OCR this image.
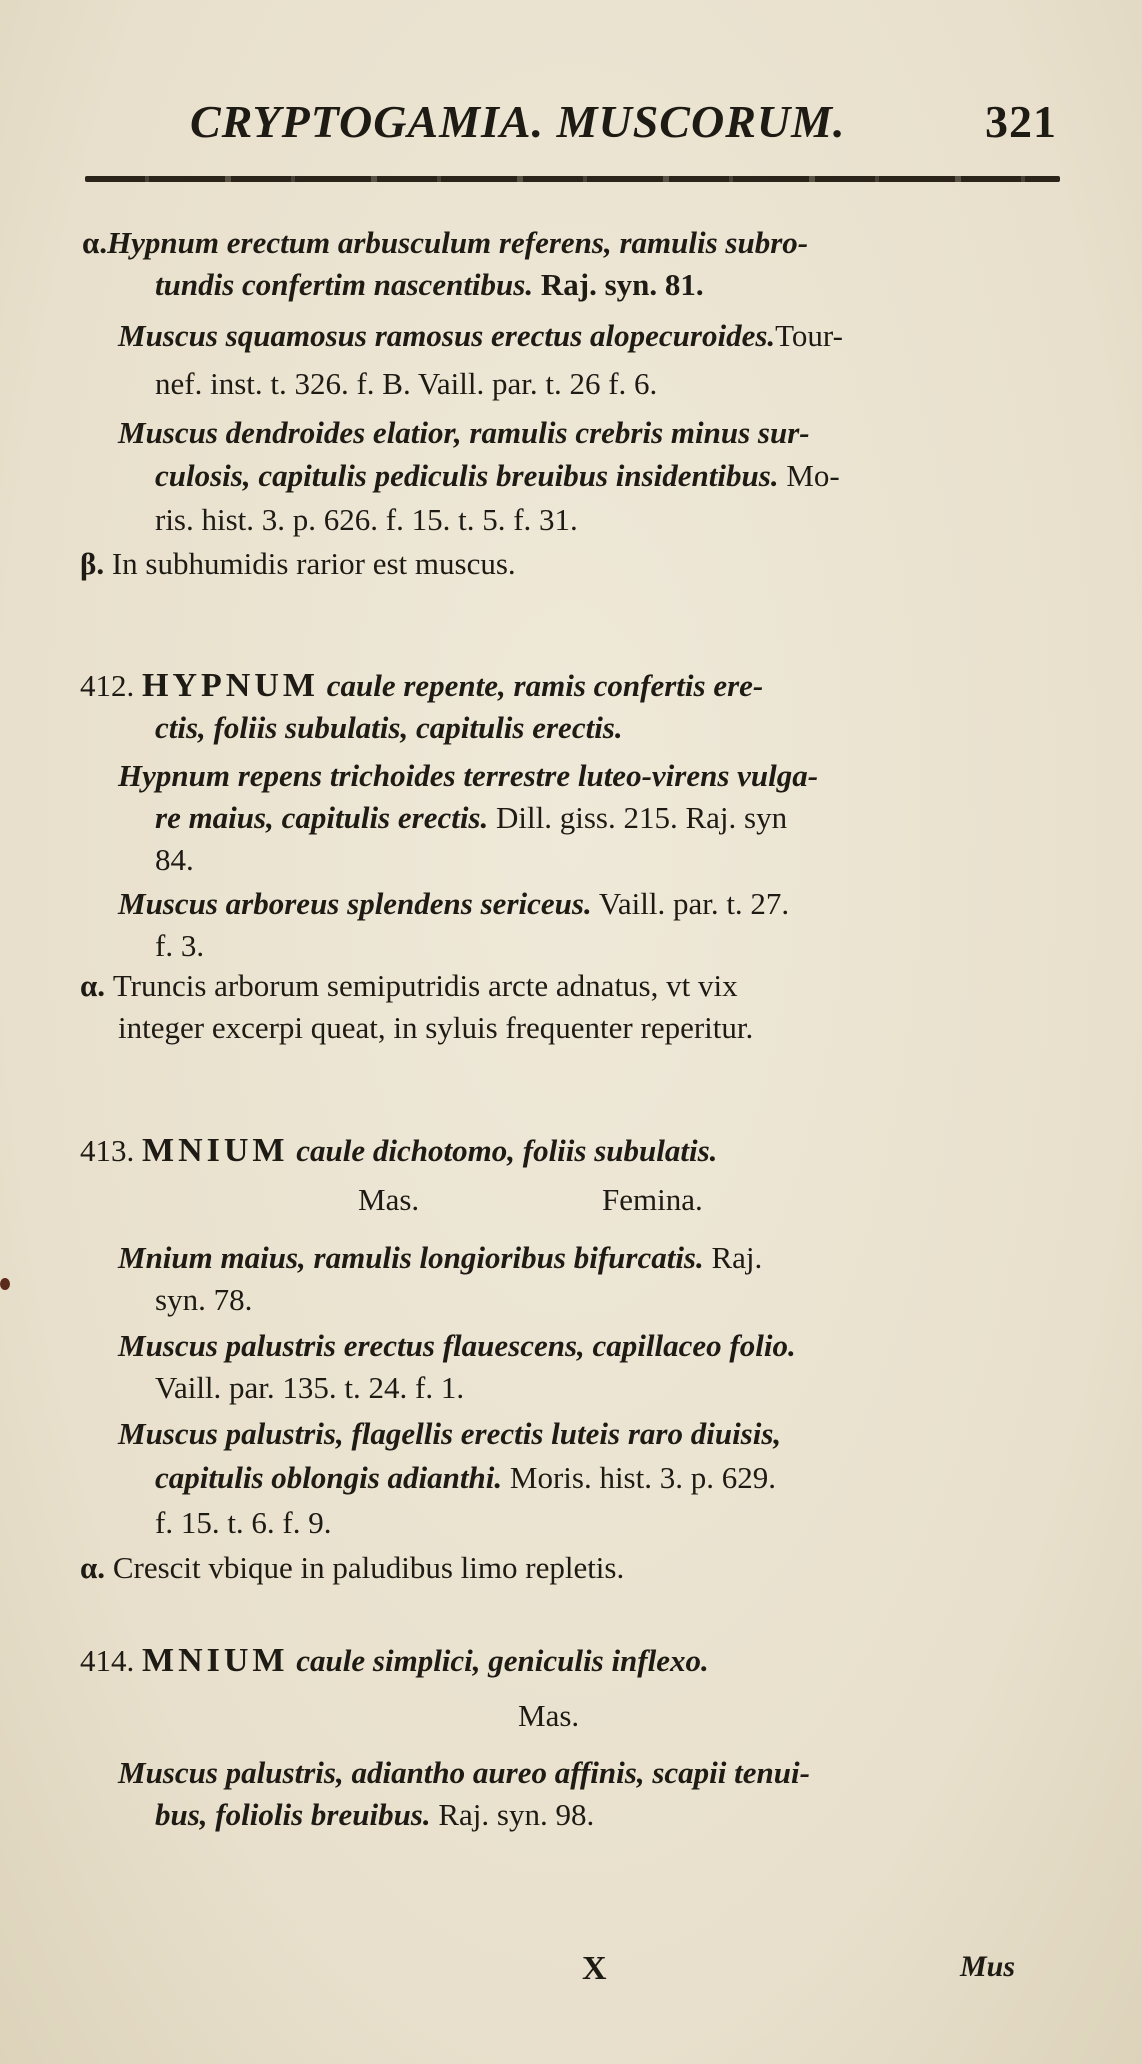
CRYPTOGAMIA. MUSCORUM.	321
α.Hypnum erectum arbusculum referens, ramulis subro-
tundis confertim nascentibus. Raj. syn. 81.
Muscus squamosus ramosus erectus alopecuroides.Tour-
nef. inst. t. 326. f. B. Vaill. par. t. 26 f. 6.
Muscus dendroides elatior, ramulis crebris minus sur-
culosis, capitulis pediculis breuibus insidentibus. Mo-
ris. hist. 3. p. 626. f. 15. t. 5. f. 31.
β. In subhumidis rarior est muscus.
412. HYPNUM caule repente, ramis confertis ere-
ctis, foliis subulatis, capitulis erectis.
Hypnum repens trichoides terrestre luteo-virens vulga-
re maius, capitulis erectis. Dill. giss. 215. Raj. syn
84.
Muscus arboreus splendens sericeus. Vaill. par. t. 27.
f. 3.
α. Truncis arborum semiputridis arcte adnatus, vt vix
integer excerpi queat, in syluis frequenter reperitur.
413. MNIUM caule dichotomo, foliis subulatis.
Mas.	Femina.
Mnium maius, ramulis longioribus bifurcatis. Raj.
syn. 78.
Muscus palustris erectus flauescens, capillaceo folio.
Vaill. par. 135. t. 24. f. 1.
Muscus palustris, flagellis erectis luteis raro diuisis,
capitulis oblongis adianthi. Moris. hist. 3. p. 629.
f. 15. t. 6. f. 9.
α. Crescit vbique in paludibus limo repletis.
414. MNIUM caule simplici, geniculis inflexo.
Mas.
Muscus palustris, adiantho aureo affinis, scapii tenui-
bus, foliolis breuibus. Raj. syn. 98.
X	Mus
